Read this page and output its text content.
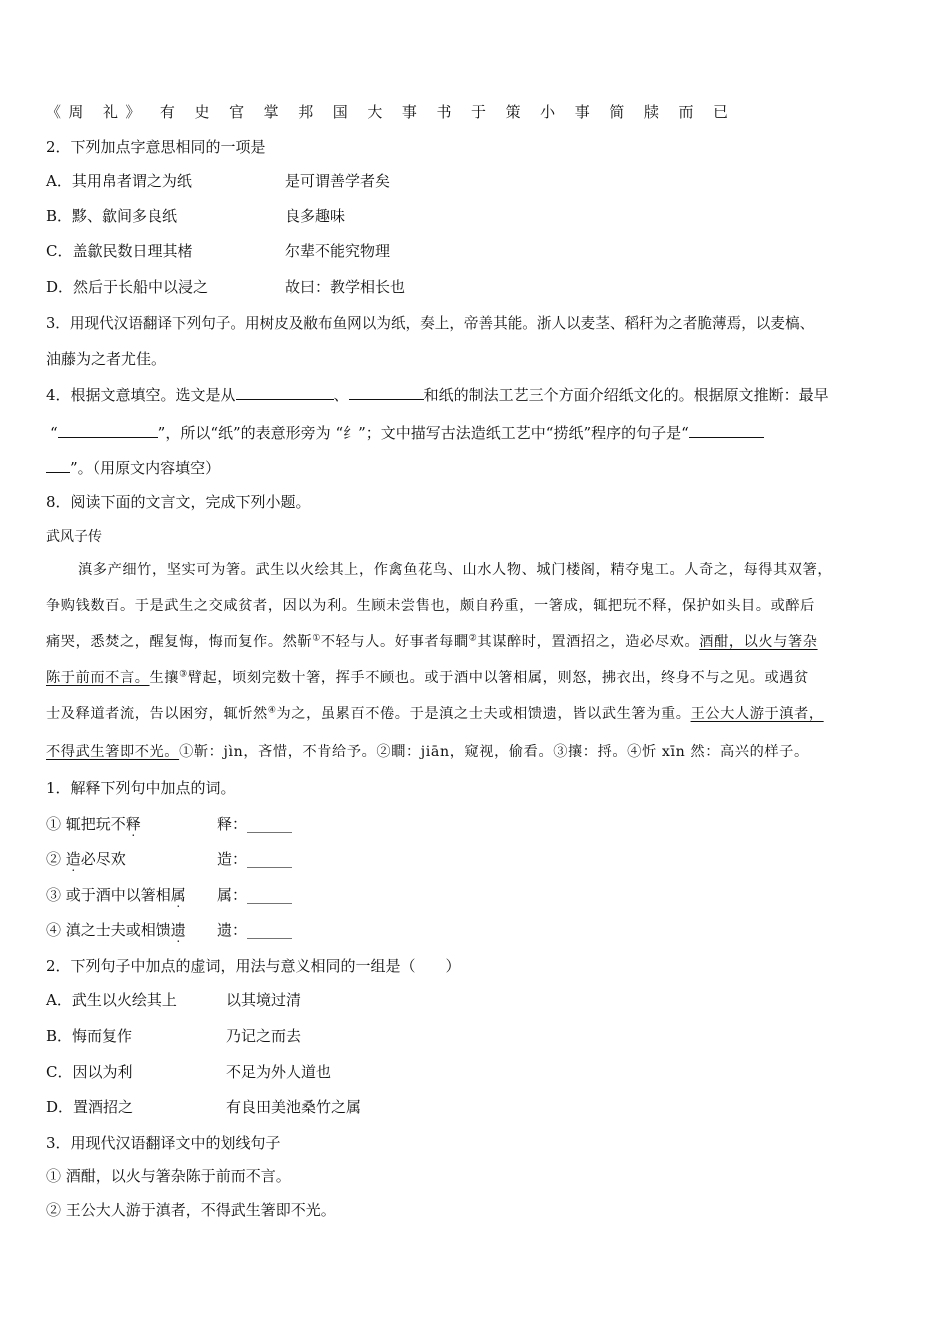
《周 礼》 有 史 官 掌 邦 国 大 事 书 于 策 小 事 简 牍 而 已
2．下列加点字意思相同的一项是
A．其用帛者谓之为纸	是可谓善学者矣
B．黟、歙间多良纸	良多趣味
C．盖歙民数日理其楮	尔辈不能究物理
D．然后于长船中以浸之	故曰：教学相长也
3．用现代汉语翻译下列句子。用树皮及敝布鱼网以为纸，奏上，帝善其能。浙人以麦茎、稻秆为之者脆薄焉，以麦槁、
油藤为之者尤佳。
4．根据文意填空。选文是从	、	和纸的制法工艺三个方面介绍纸文化的。根据原文推断：最早
“	”，所以“纸”的表意形旁为 “纟”；文中描写古法造纸工艺中“捞纸”程序的句子是“
”。（用原文内容填空）
8．阅读下面的文言文，完成下列小题。
武风子传
滇多产细竹，坚实可为箸。武生以火绘其上，作禽鱼花鸟、山水人物、城门楼阁，精夺鬼工。人奇之，每得其双箸，
争购钱数百。于是武生之交咸贫者，因以为利。生顾未尝售也，颇自矜重，一箸成，辄把玩不释，保护如头目。或醉后
痛哭，悉焚之，醒复悔，悔而复作。然靳①不轻与人。好事者每瞷②其谋醉时，置酒招之，造必尽欢。酒酣，以火与箸杂
陈于前而不言。生攘③臂起，顷刻完数十箸，挥手不顾也。或于酒中以箸相属，则怒，拂衣出，终身不与之见。或遇贫
士及释道者流，告以困穷，辄忻然④为之，虽累百不倦。于是滇之士夫或相馈遗，皆以武生箸为重。王公大人游于滇者，
不得武生箸即不光。①靳：jìn，吝惜，不肯给予。②瞷：jiān，窥视，偷看。③攘：捋。④忻 xīn 然：高兴的样子。
1．解释下列句中加点的词。
① 辄把玩不释	释：______
② 造必尽欢	造：______
③ 或于酒中以箸相属 属：______
④ 滇之士夫或相馈遗 遗：______
2．下列句子中加点的虚词，用法与意义相同的一组是（　　）
A．武生以火绘其上	以其境过清
B．悔而复作	乃记之而去
C．因以为利	不足为外人道也
D．置酒招之	有良田美池桑竹之属
3．用现代汉语翻译文中的划线句子
① 酒酣，以火与箸杂陈于前而不言。
② 王公大人游于滇者，不得武生箸即不光。
